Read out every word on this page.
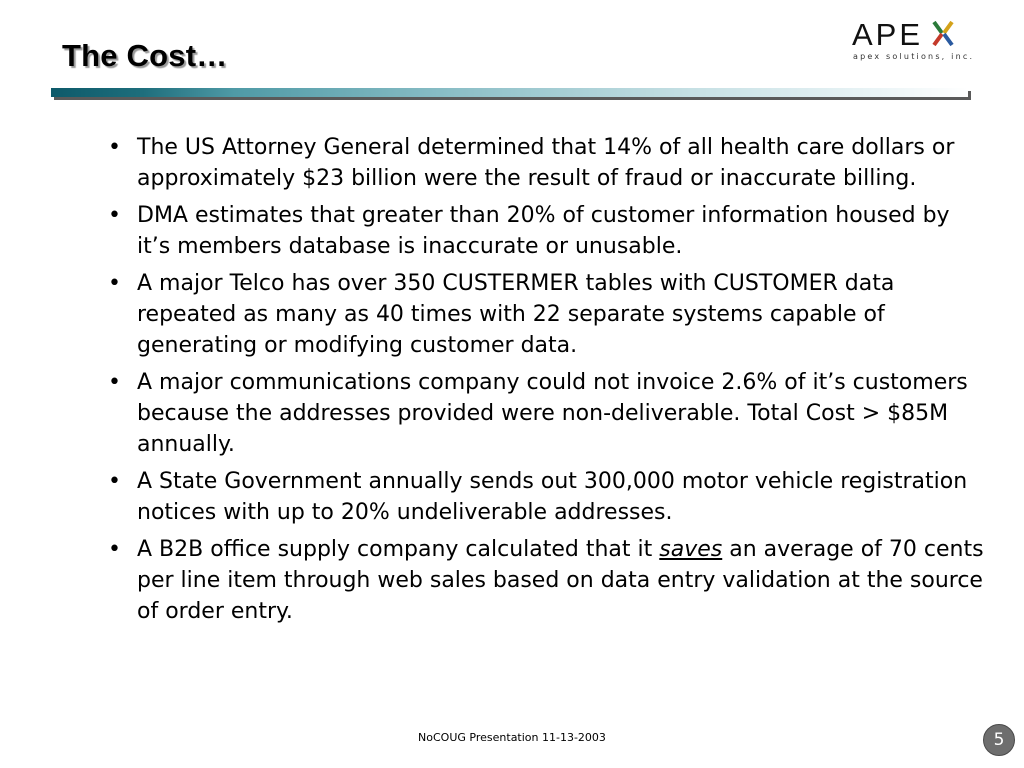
The Cost…
APE
apex solutions, inc.
• The US Attorney General determined that 14% of all health care dollars or approximately $23 billion were the result of fraud or inaccurate billing.
• DMA estimates that greater than 20% of customer information housed by it’s members database is inaccurate or unusable.
• A major Telco has over 350 CUSTERMER tables with CUSTOMER data repeated as many as 40 times with 22 separate systems capable of generating or modifying customer data.
• A major communications company could not invoice 2.6% of it’s customers because the addresses provided were non-deliverable. Total Cost > $85M annually.
• A State Government annually sends out 300,000 motor vehicle registration notices with up to 20% undeliverable addresses.
• A B2B office supply company calculated that it saves an average of 70 cents per line item through web sales based on data entry validation at the source of order entry.
NoCOUG Presentation 11-13-2003	5
